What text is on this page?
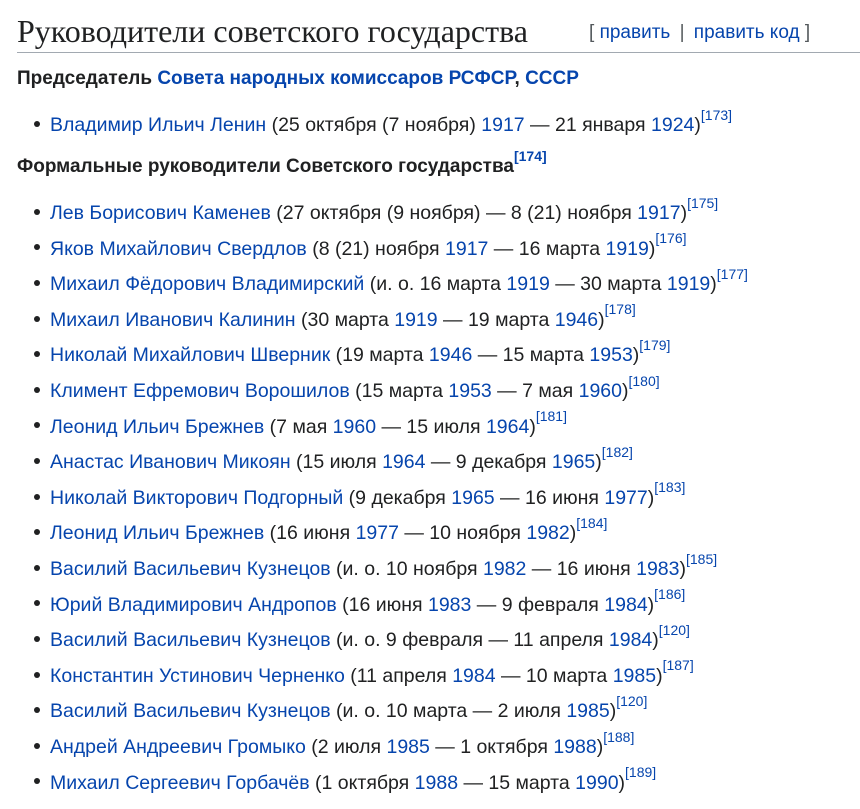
Руководители советского государства	[ править | править код ]
Председатель Совета народных комиссаров РСФСР, СССР
Владимир Ильич Ленин (25 октября (7 ноября) 1917 — 21 января 1924)[173]
Формальные руководители Советского государства[174]
Лев Борисович Каменев (27 октября (9 ноября) — 8 (21) ноября 1917)[175]
Яков Михайлович Свердлов (8 (21) ноября 1917 — 16 марта 1919)[176]
Михаил Фёдорович Владимирский (и. о. 16 марта 1919 — 30 марта 1919)[177]
Михаил Иванович Калинин (30 марта 1919 — 19 марта 1946)[178]
Николай Михайлович Шверник (19 марта 1946 — 15 марта 1953)[179]
Климент Ефремович Ворошилов (15 марта 1953 — 7 мая 1960)[180]
Леонид Ильич Брежнев (7 мая 1960 — 15 июля 1964)[181]
Анастас Иванович Микоян (15 июля 1964 — 9 декабря 1965)[182]
Николай Викторович Подгорный (9 декабря 1965 — 16 июня 1977)[183]
Леонид Ильич Брежнев (16 июня 1977 — 10 ноября 1982)[184]
Василий Васильевич Кузнецов (и. о. 10 ноября 1982 — 16 июня 1983)[185]
Юрий Владимирович Андропов (16 июня 1983 — 9 февраля 1984)[186]
Василий Васильевич Кузнецов (и. о. 9 февраля — 11 апреля 1984)[120]
Константин Устинович Черненко (11 апреля 1984 — 10 марта 1985)[187]
Василий Васильевич Кузнецов (и. о. 10 марта — 2 июля 1985)[120]
Андрей Андреевич Громыко (2 июля 1985 — 1 октября 1988)[188]
Михаил Сергеевич Горбачёв (1 октября 1988 — 15 марта 1990)[189]
